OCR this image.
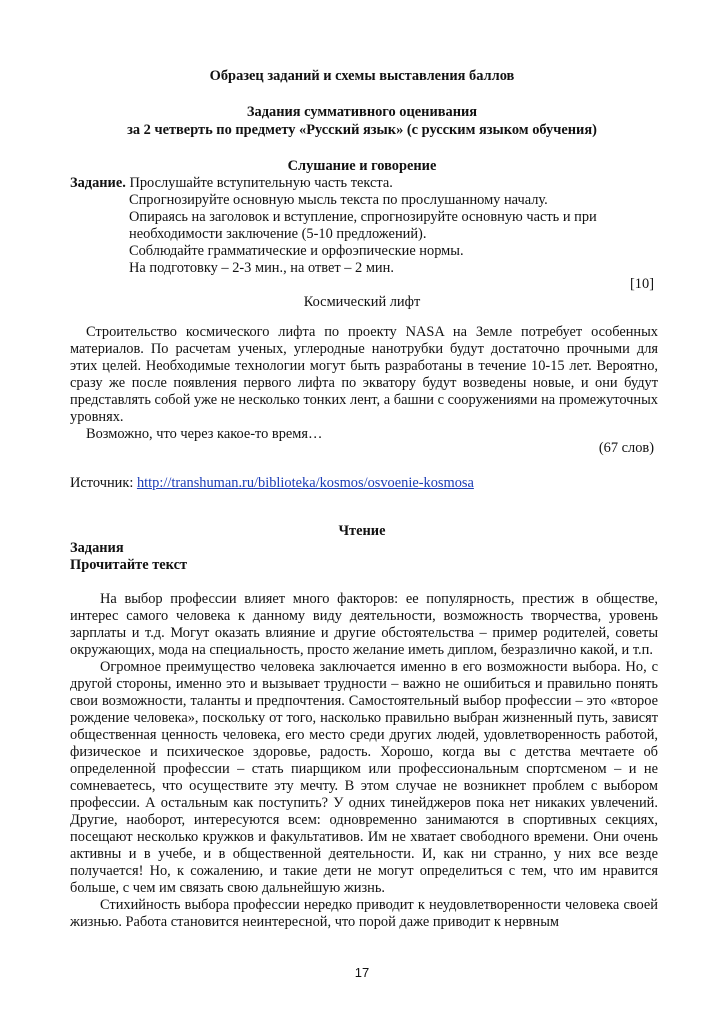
Образец заданий и схемы выставления баллов
Задания суммативного оценивания
за 2 четверть по предмету «Русский язык» (с русским языком обучения)
Слушание и говорение
Задание. Прослушайте вступительную часть текста.
Спрогнозируйте основную мысль текста по прослушанному началу.
Опираясь на заголовок и вступление, спрогнозируйте основную часть и при
необходимости заключение (5-10 предложений).
Соблюдайте грамматические и орфоэпические нормы.
На подготовку – 2-3 мин., на ответ – 2 мин.
[10]
Космический лифт

Строительство космического лифта по проекту NASA на Земле потребует особенных материалов. По расчетам ученых, углеродные нанотрубки будут достаточно прочными для этих целей. Необходимые технологии могут быть разработаны в течение 10-15 лет. Вероятно, сразу же после появления первого лифта по экватору будут возведены новые, и они будут представлять собой уже не несколько тонких лент, а башни с сооружениями на промежуточных уровнях.

Возможно, что через какое-то время…

(67 слов)
Источник: http://transhuman.ru/biblioteka/kosmos/osvoenie-kosmosa
Чтение
Задания
Прочитайте текст

На выбор профессии влияет много факторов: ее популярность, престиж в обществе, интерес самого человека к данному виду деятельности, возможность творчества, уровень зарплаты и т.д. Могут оказать влияние и другие обстоятельства – пример родителей, советы окружающих, мода на специальность, просто желание иметь диплом, безразлично какой, и т.п.

Огромное преимущество человека заключается именно в его возможности выбора. Но, с другой стороны, именно это и вызывает трудности – важно не ошибиться и правильно понять свои возможности, таланты и предпочтения. Самостоятельный выбор профессии – это «второе рождение человека», поскольку от того, насколько правильно выбран жизненный путь, зависят общественная ценность человека, его место среди других людей, удовлетворенность работой, физическое и психическое здоровье, радость. Хорошо, когда вы с детства мечтаете об определенной профессии – стать пиарщиком или профессиональным спортсменом – и не сомневаетесь, что осуществите эту мечту. В этом случае не возникнет проблем с выбором профессии. А остальным как поступить? У одних тинейджеров пока нет никаких увлечений. Другие, наоборот, интересуются всем: одновременно занимаются в спортивных секциях, посещают несколько кружков и факультативов. Им не хватает свободного времени. Они очень активны и в учебе, и в общественной деятельности. И, как ни странно, у них все везде получается! Но, к сожалению, и такие дети не могут определиться с тем, что им нравится больше, с чем им связать свою дальнейшую жизнь.

Стихийность выбора профессии нередко приводит к неудовлетворенности человека своей жизнью. Работа становится неинтересной, что порой даже приводит к нервным

17
